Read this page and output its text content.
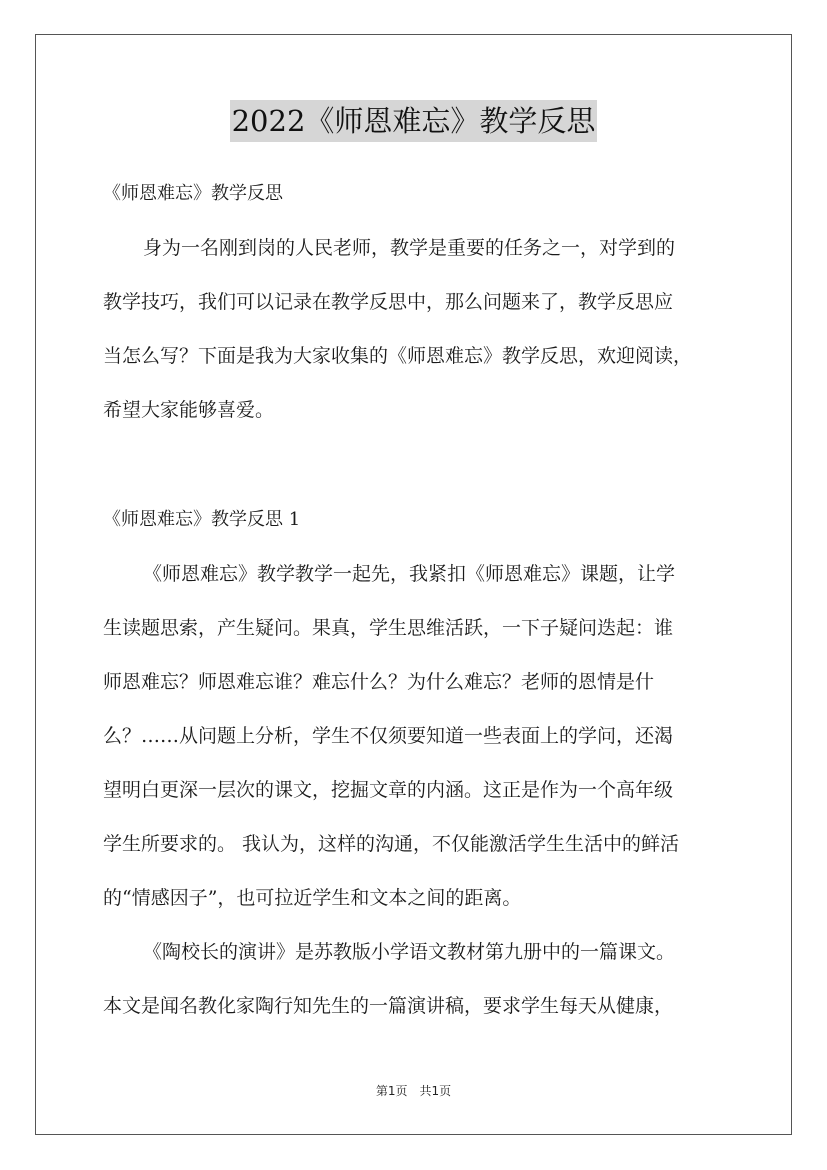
2022《师恩难忘》教学反思
《师恩难忘》教学反思
身为一名刚到岗的人民老师，教学是重要的任务之一，对学到的
教学技巧，我们可以记录在教学反思中，那么问题来了，教学反思应
当怎么写？下面是我为大家收集的《师恩难忘》教学反思，欢迎阅读，
希望大家能够喜爱。
《师恩难忘》教学反思 1
《师恩难忘》教学教学一起先，我紧扣《师恩难忘》课题，让学
生读题思索，产生疑问。果真，学生思维活跃，一下子疑问迭起：谁
师恩难忘？师恩难忘谁？难忘什么？为什么难忘？老师的恩情是什
么？……从问题上分析，学生不仅须要知道一些表面上的学问，还渴
望明白更深一层次的课文，挖掘文章的内涵。这正是作为一个高年级
学生所要求的。 我认为，这样的沟通，不仅能激活学生生活中的鲜活
的“情感因子”，也可拉近学生和文本之间的距离。
《陶校长的演讲》是苏教版小学语文教材第九册中的一篇课文。
本文是闻名教化家陶行知先生的一篇演讲稿，要求学生每天从健康，
第1页　共1页
